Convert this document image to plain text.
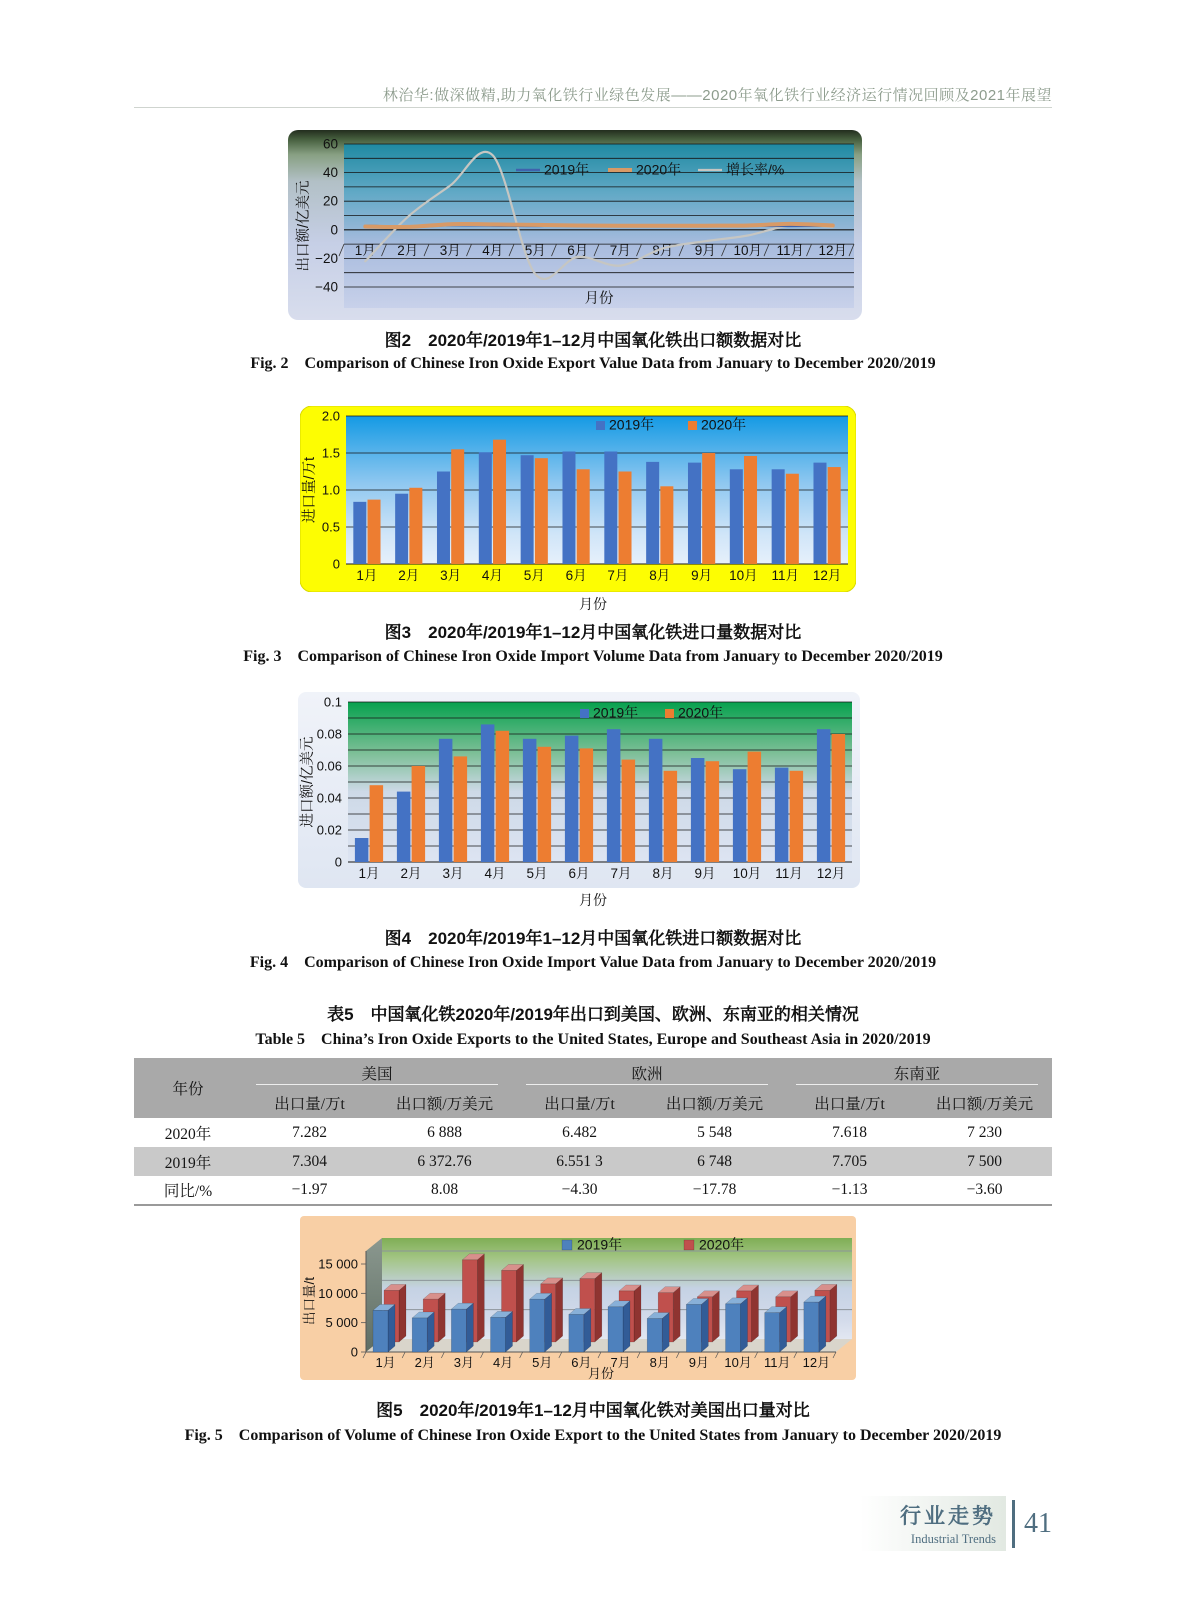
林治华:做深做精,助力氧化铁行业绿色发展——2020年氧化铁行业经济运行情况回顾及2021年展望
−40
−20
0
20
40
60
1月 2月 3月 4月 5月 6月 7月 8月 9月 10月 11月 12月
月份
出口额/亿美元
2019年	2020年	增长率/%
图2　2020年/2019年1–12月中国氧化铁出口额数据对比
Fig. 2　Comparison of Chinese Iron Oxide Export Value Data from January to December 2020/2019
0
0.5
1.0
1.5
2.0
1月 2月 3月 4月 5月 6月 7月 8月 9月 10月 11月 12月
2019年	2020年
进口量/万t
月份
图3　2020年/2019年1–12月中国氧化铁进口量数据对比
Fig. 3　Comparison of Chinese Iron Oxide Import Volume Data from January to December 2020/2019
0
0.02
0.04
0.06
0.08
0.1
1月 2月 3月 4月 5月 6月 7月 8月 9月 10月 11月 12月
2019年	2020年
进口额/亿美元
月份
图4　2020年/2019年1–12月中国氧化铁进口额数据对比
Fig. 4　Comparison of Chinese Iron Oxide Import Value Data from January to December 2020/2019
表5　中国氧化铁2020年/2019年出口到美国、欧洲、东南亚的相关情况
Table 5　China’s Iron Oxide Exports to the United States, Europe and Southeast Asia in 2020/2019
年份	美国		欧洲		东南亚	
	出口量/万t	出口额/万美元	出口量/万t	出口额/万美元	出口量/万t	出口额/万美元
2020年	7.282	6 888	6.482	5 548	7.618	7 230
2019年	7.304	6 372.76	6.551 3	6 748	7.705	7 500
同比/%	−1.97	8.08	−4.30	−17.78	−1.13	−3.60
0
5 000
10 000
15 000
1月 2月 3月 4月 5月 6月 7月 8月 9月 10月 11月 12月
月份
出口量/t
2019年	2020年
图5　2020年/2019年1–12月中国氧化铁对美国出口量对比
Fig. 5　Comparison of Volume of Chinese Iron Oxide Export to the United States from January to December 2020/2019
行业走势
Industrial Trends
41
